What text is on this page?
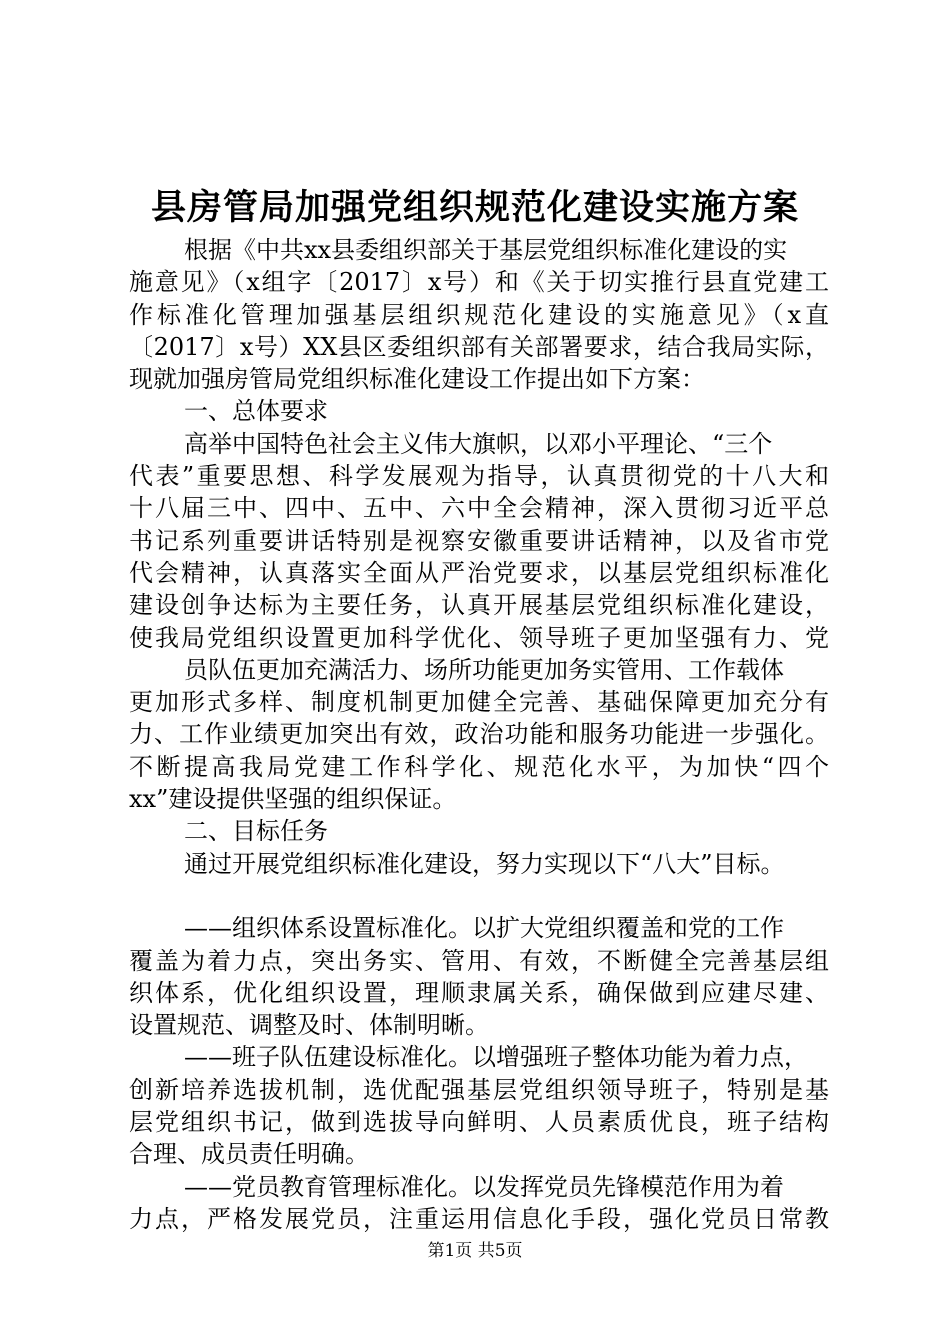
县房管局加强党组织规范化建设实施方案
根据《中共xx县委组织部关于基层党组织标准化建设的实
施意见》（x组字〔2017〕x号）和《关于切实推行县直党建工
作标准化管理加强基层组织规范化建设的实施意见》（x直
〔2017〕x号）XX县区委组织部有关部署要求，结合我局实际，
现就加强房管局党组织标准化建设工作提出如下方案：
一、总体要求
高举中国特色社会主义伟大旗帜，以邓小平理论、“三个
代表”重要思想、科学发展观为指导，认真贯彻党的十八大和
十八届三中、四中、五中、六中全会精神，深入贯彻习近平总
书记系列重要讲话特别是视察安徽重要讲话精神，以及省市党
代会精神，认真落实全面从严治党要求，以基层党组织标准化
建设创争达标为主要任务，认真开展基层党组织标准化建设，
使我局党组织设置更加科学优化、领导班子更加坚强有力、党
员队伍更加充满活力、场所功能更加务实管用、工作载体
更加形式多样、制度机制更加健全完善、基础保障更加充分有
力、工作业绩更加突出有效，政治功能和服务功能进一步强化。
不断提高我局党建工作科学化、规范化水平，为加快“四个
xx”建设提供坚强的组织保证。
二、目标任务
通过开展党组织标准化建设，努力实现以下“八大”目标。
——组织体系设置标准化。以扩大党组织覆盖和党的工作
覆盖为着力点，突出务实、管用、有效，不断健全完善基层组
织体系，优化组织设置，理顺隶属关系，确保做到应建尽建、
设置规范、调整及时、体制明晰。
——班子队伍建设标准化。以增强班子整体功能为着力点，
创新培养选拔机制，选优配强基层党组织领导班子，特别是基
层党组织书记，做到选拔导向鲜明、人员素质优良，班子结构
合理、成员责任明确。
——党员教育管理标准化。以发挥党员先锋模范作用为着
力点，严格发展党员，注重运用信息化手段，强化党员日常教
第1页 共5页
